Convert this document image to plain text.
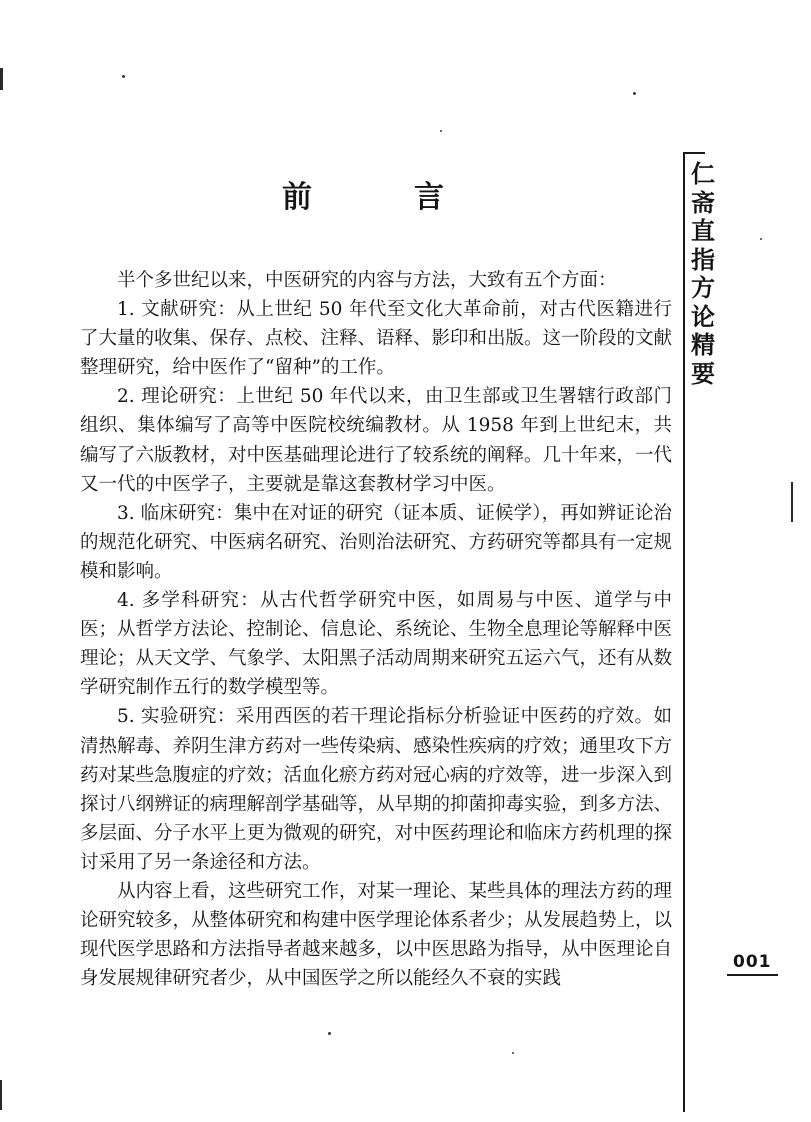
前　言

半个多世纪以来，中医研究的内容与方法，大致有五个方面：

1. 文献研究：从上世纪 50 年代至文化大革命前，对古代医籍进行了大量的收集、保存、点校、注释、语释、影印和出版。这一阶段的文献整理研究，给中医作了“留种”的工作。

2. 理论研究：上世纪 50 年代以来，由卫生部或卫生署辖行政部门组织、集体编写了高等中医院校统编教材。从 1958 年到上世纪末，共编写了六版教材，对中医基础理论进行了较系统的阐释。几十年来，一代又一代的中医学子，主要就是靠这套教材学习中医。

3. 临床研究：集中在对证的研究（证本质、证候学），再如辨证论治的规范化研究、中医病名研究、治则治法研究、方药研究等都具有一定规模和影响。

4. 多学科研究：从古代哲学研究中医，如周易与中医、道学与中医；从哲学方法论、控制论、信息论、系统论、生物全息理论等解释中医理论；从天文学、气象学、太阳黑子活动周期来研究五运六气，还有从数学研究制作五行的数学模型等。

5. 实验研究：采用西医的若干理论指标分析验证中医药的疗效。如清热解毒、养阴生津方药对一些传染病、感染性疾病的疗效；通里攻下方药对某些急腹症的疗效；活血化瘀方药对冠心病的疗效等，进一步深入到探讨八纲辨证的病理解剖学基础等，从早期的抑菌抑毒实验，到多方法、多层面、分子水平上更为微观的研究，对中医药理论和临床方药机理的探讨采用了另一条途径和方法。

从内容上看，这些研究工作，对某一理论、某些具体的理法方药的理论研究较多，从整体研究和构建中医学理论体系者少；从发展趋势上，以现代医学思路和方法指导者越来越多，以中医思路为指导，从中医理论自身发展规律研究者少，从中国医学之所以能经久不衰的实践

仁斋直指方论精要
001
